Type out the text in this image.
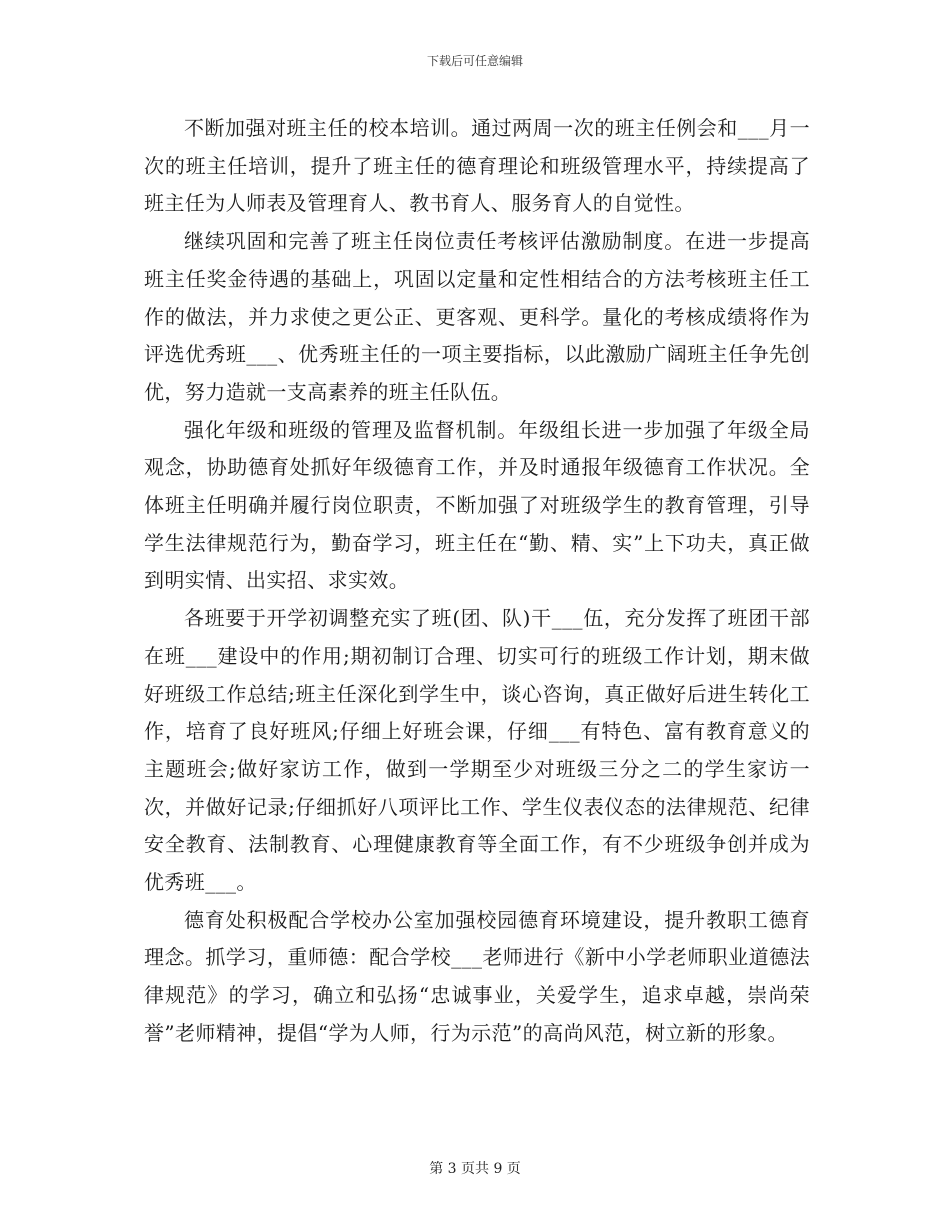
下载后可任意编辑

不断加强对班主任的校本培训。通过两周一次的班主任例会和___月一次的班主任培训，提升了班主任的德育理论和班级管理水平，持续提高了班主任为人师表及管理育人、教书育人、服务育人的自觉性。

继续巩固和完善了班主任岗位责任考核评估激励制度。在进一步提高班主任奖金待遇的基础上，巩固以定量和定性相结合的方法考核班主任工作的做法，并力求使之更公正、更客观、更科学。量化的考核成绩将作为评选优秀班___、优秀班主任的一项主要指标，以此激励广阔班主任争先创优，努力造就一支高素养的班主任队伍。

强化年级和班级的管理及监督机制。年级组长进一步加强了年级全局观念，协助德育处抓好年级德育工作，并及时通报年级德育工作状况。全体班主任明确并履行岗位职责，不断加强了对班级学生的教育管理，引导学生法律规范行为，勤奋学习，班主任在“勤、精、实”上下功夫，真正做到明实情、出实招、求实效。

各班要于开学初调整充实了班(团、队)干___伍，充分发挥了班团干部在班___建设中的作用;期初制订合理、切实可行的班级工作计划，期末做好班级工作总结;班主任深化到学生中，谈心咨询，真正做好后进生转化工作，培育了良好班风;仔细上好班会课，仔细___有特色、富有教育意义的主题班会;做好家访工作，做到一学期至少对班级三分之二的学生家访一次，并做好记录;仔细抓好八项评比工作、学生仪表仪态的法律规范、纪律安全教育、法制教育、心理健康教育等全面工作，有不少班级争创并成为优秀班___。

德育处积极配合学校办公室加强校园德育环境建设，提升教职工德育理念。抓学习，重师德：配合学校___老师进行《新中小学老师职业道德法律规范》的学习，确立和弘扬“忠诚事业，关爱学生，追求卓越，崇尚荣誉”老师精神，提倡“学为人师，行为示范”的高尚风范，树立新的形象。

第 3 页共 9 页
